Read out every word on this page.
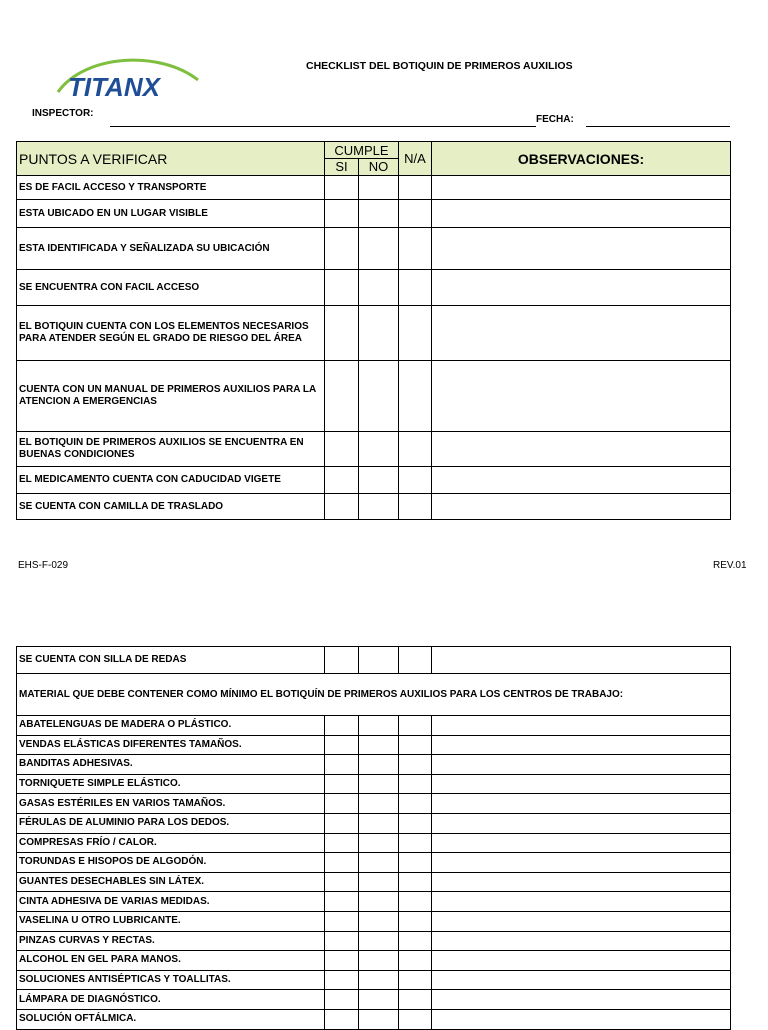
TITANX
CHECKLIST DEL BOTIQUIN DE PRIMEROS AUXILIOS
INSPECTOR:
FECHA:
PUNTOS A VERIFICAR	CUMPLE		N/A	OBSERVACIONES:
	SI	NO		
ES DE FACIL ACCESO Y TRANSPORTE				
ESTA UBICADO EN UN LUGAR VISIBLE				
ESTA IDENTIFICADA Y SEÑALIZADA SU UBICACIÓN				
SE ENCUENTRA CON FACIL ACCESO				
EL BOTIQUIN CUENTA CON LOS ELEMENTOS NECESARIOS PARA ATENDER SEGÚN EL GRADO DE RIESGO DEL ÁREA				
CUENTA CON UN MANUAL DE PRIMEROS AUXILIOS PARA LA ATENCION A EMERGENCIAS				
EL BOTIQUIN DE PRIMEROS AUXILIOS SE ENCUENTRA EN BUENAS CONDICIONES				
EL MEDICAMENTO CUENTA CON CADUCIDAD VIGETE				
SE CUENTA CON CAMILLA DE TRASLADO				
EHS-F-029	REV.01
SE CUENTA CON SILLA DE REDAS				
MATERIAL QUE DEBE CONTENER COMO MÍNIMO EL BOTIQUÍN DE PRIMEROS AUXILIOS PARA LOS CENTROS DE TRABAJO:				
ABATELENGUAS DE MADERA O PLÁSTICO.				
VENDAS ELÁSTICAS DIFERENTES TAMAÑOS.				
BANDITAS ADHESIVAS.				
TORNIQUETE SIMPLE ELÁSTICO.				
GASAS ESTÉRILES EN VARIOS TAMAÑOS.				
FÉRULAS DE ALUMINIO PARA LOS DEDOS.				
COMPRESAS FRÍO / CALOR.				
TORUNDAS E HISOPOS DE ALGODÓN.				
GUANTES DESECHABLES SIN LÁTEX.				
CINTA ADHESIVA DE VARIAS MEDIDAS.				
VASELINA U OTRO LUBRICANTE.				
PINZAS CURVAS Y RECTAS.				
ALCOHOL EN GEL PARA MANOS.				
SOLUCIONES ANTISÉPTICAS Y TOALLITAS.				
LÁMPARA DE DIAGNÓSTICO.				
SOLUCIÓN OFTÁLMICA.				
